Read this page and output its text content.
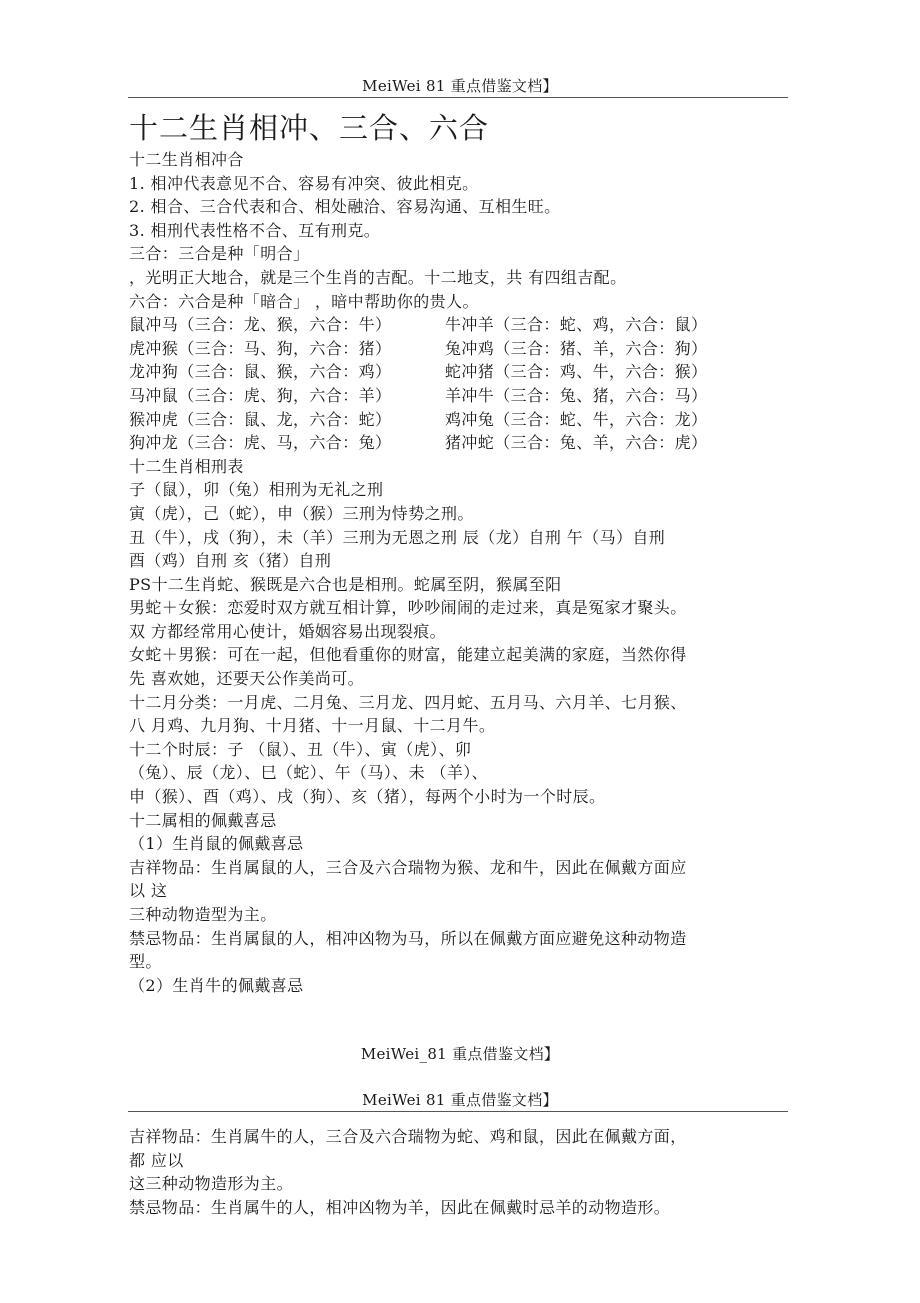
MeiWei 81 重点借鉴文档】
十二生肖相冲、三合、六合
十二生肖相冲合
1. 相冲代表意见不合、容易有冲突、彼此相克。
2. 相合、三合代表和合、相处融洽、容易沟通、互相生旺。
3. 相刑代表性格不合、互有刑克。
三合：三合是种「明合」
，光明正大地合，就是三个生肖的吉配。十二地支，共 有四组吉配。
六合：六合是种「暗合」 ，暗中帮助你的贵人。
鼠冲马（三合：龙、猴，六合：牛）	牛冲羊（三合：蛇、鸡，六合：鼠）
虎冲猴（三合：马、狗，六合：猪）	兔冲鸡（三合：猪、羊，六合：狗）
龙冲狗（三合：鼠、猴，六合：鸡）	蛇冲猪（三合：鸡、牛，六合：猴）
马冲鼠（三合：虎、狗，六合：羊）	羊冲牛（三合：兔、猪，六合：马）
猴冲虎（三合：鼠、龙，六合：蛇）	鸡冲兔（三合：蛇、牛，六合：龙）
狗冲龙（三合：虎、马，六合：兔）	猪冲蛇（三合：兔、羊，六合：虎）
十二生肖相刑表
子（鼠），卯（兔）相刑为无礼之刑
寅（虎），己（蛇），申（猴）三刑为恃势之刑。
丑（牛），戌（狗），未（羊）三刑为无恩之刑 辰（龙）自刑 午（马）自刑
酉（鸡）自刑 亥（猪）自刑
PS十二生肖蛇、猴既是六合也是相刑。蛇属至阴，猴属至阳
男蛇＋女猴：恋爱时双方就互相计算，吵吵闹闹的走过来，真是冤家才聚头。
双 方都经常用心使计，婚姻容易出现裂痕。
女蛇＋男猴：可在一起，但他看重你的财富，能建立起美满的家庭，当然你得
先 喜欢她，还要天公作美尚可。
十二月分类：一月虎、二月兔、三月龙、四月蛇、五月马、六月羊、七月猴、
八 月鸡、九月狗、十月猪、十一月鼠、十二月牛。
十二个时辰：子 （鼠）、丑（牛）、寅（虎）、卯
（兔）、辰（龙）、巳（蛇）、午（马）、未 （羊）、
申（猴）、酉（鸡）、戌（狗）、亥（猪），每两个小时为一个时辰。
十二属相的佩戴喜忌
（1）生肖鼠的佩戴喜忌
吉祥物品：生肖属鼠的人，三合及六合瑞物为猴、龙和牛，因此在佩戴方面应
以 这
三种动物造型为主。
禁忌物品：生肖属鼠的人，相冲凶物为马，所以在佩戴方面应避免这种动物造
型。
（2）生肖牛的佩戴喜忌
MeiWei_81 重点借鉴文档】
MeiWei 81 重点借鉴文档】
吉祥物品：生肖属牛的人，三合及六合瑞物为蛇、鸡和鼠，因此在佩戴方面，
都 应以
这三种动物造形为主。
禁忌物品：生肖属牛的人，相冲凶物为羊，因此在佩戴时忌羊的动物造形。
